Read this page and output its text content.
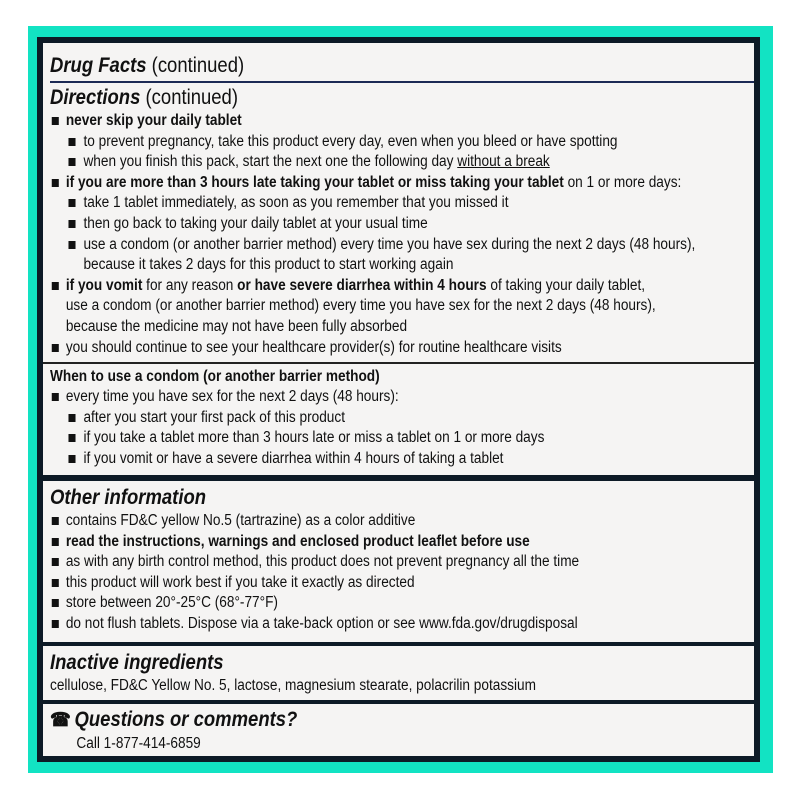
Drug Facts (continued)
Directions (continued)
never skip your daily tablet
to prevent pregnancy, take this product every day, even when you bleed or have spotting
when you finish this pack, start the next one the following day without a break
if you are more than 3 hours late taking your tablet or miss taking your tablet on 1 or more days:
take 1 tablet immediately, as soon as you remember that you missed it
then go back to taking your daily tablet at your usual time
use a condom (or another barrier method) every time you have sex during the next 2 days (48 hours),
because it takes 2 days for this product to start working again
if you vomit for any reason or have severe diarrhea within 4 hours of taking your daily tablet,
use a condom (or another barrier method) every time you have sex for the next 2 days (48 hours),
because the medicine may not have been fully absorbed
you should continue to see your healthcare provider(s) for routine healthcare visits
When to use a condom (or another barrier method)
every time you have sex for the next 2 days (48 hours):
after you start your first pack of this product
if you take a tablet more than 3 hours late or miss a tablet on 1 or more days
if you vomit or have a severe diarrhea within 4 hours of taking a tablet
Other information
contains FD&C yellow No.5 (tartrazine) as a color additive
read the instructions, warnings and enclosed product leaflet before use
as with any birth control method, this product does not prevent pregnancy all the time
this product will work best if you take it exactly as directed
store between 20°-25°C (68°-77°F)
do not flush tablets. Dispose via a take-back option or see www.fda.gov/drugdisposal
Inactive ingredients
cellulose, FD&C Yellow No. 5, lactose, magnesium stearate, polacrilin potassium
☎ Questions or comments?
Call 1-877-414-6859
